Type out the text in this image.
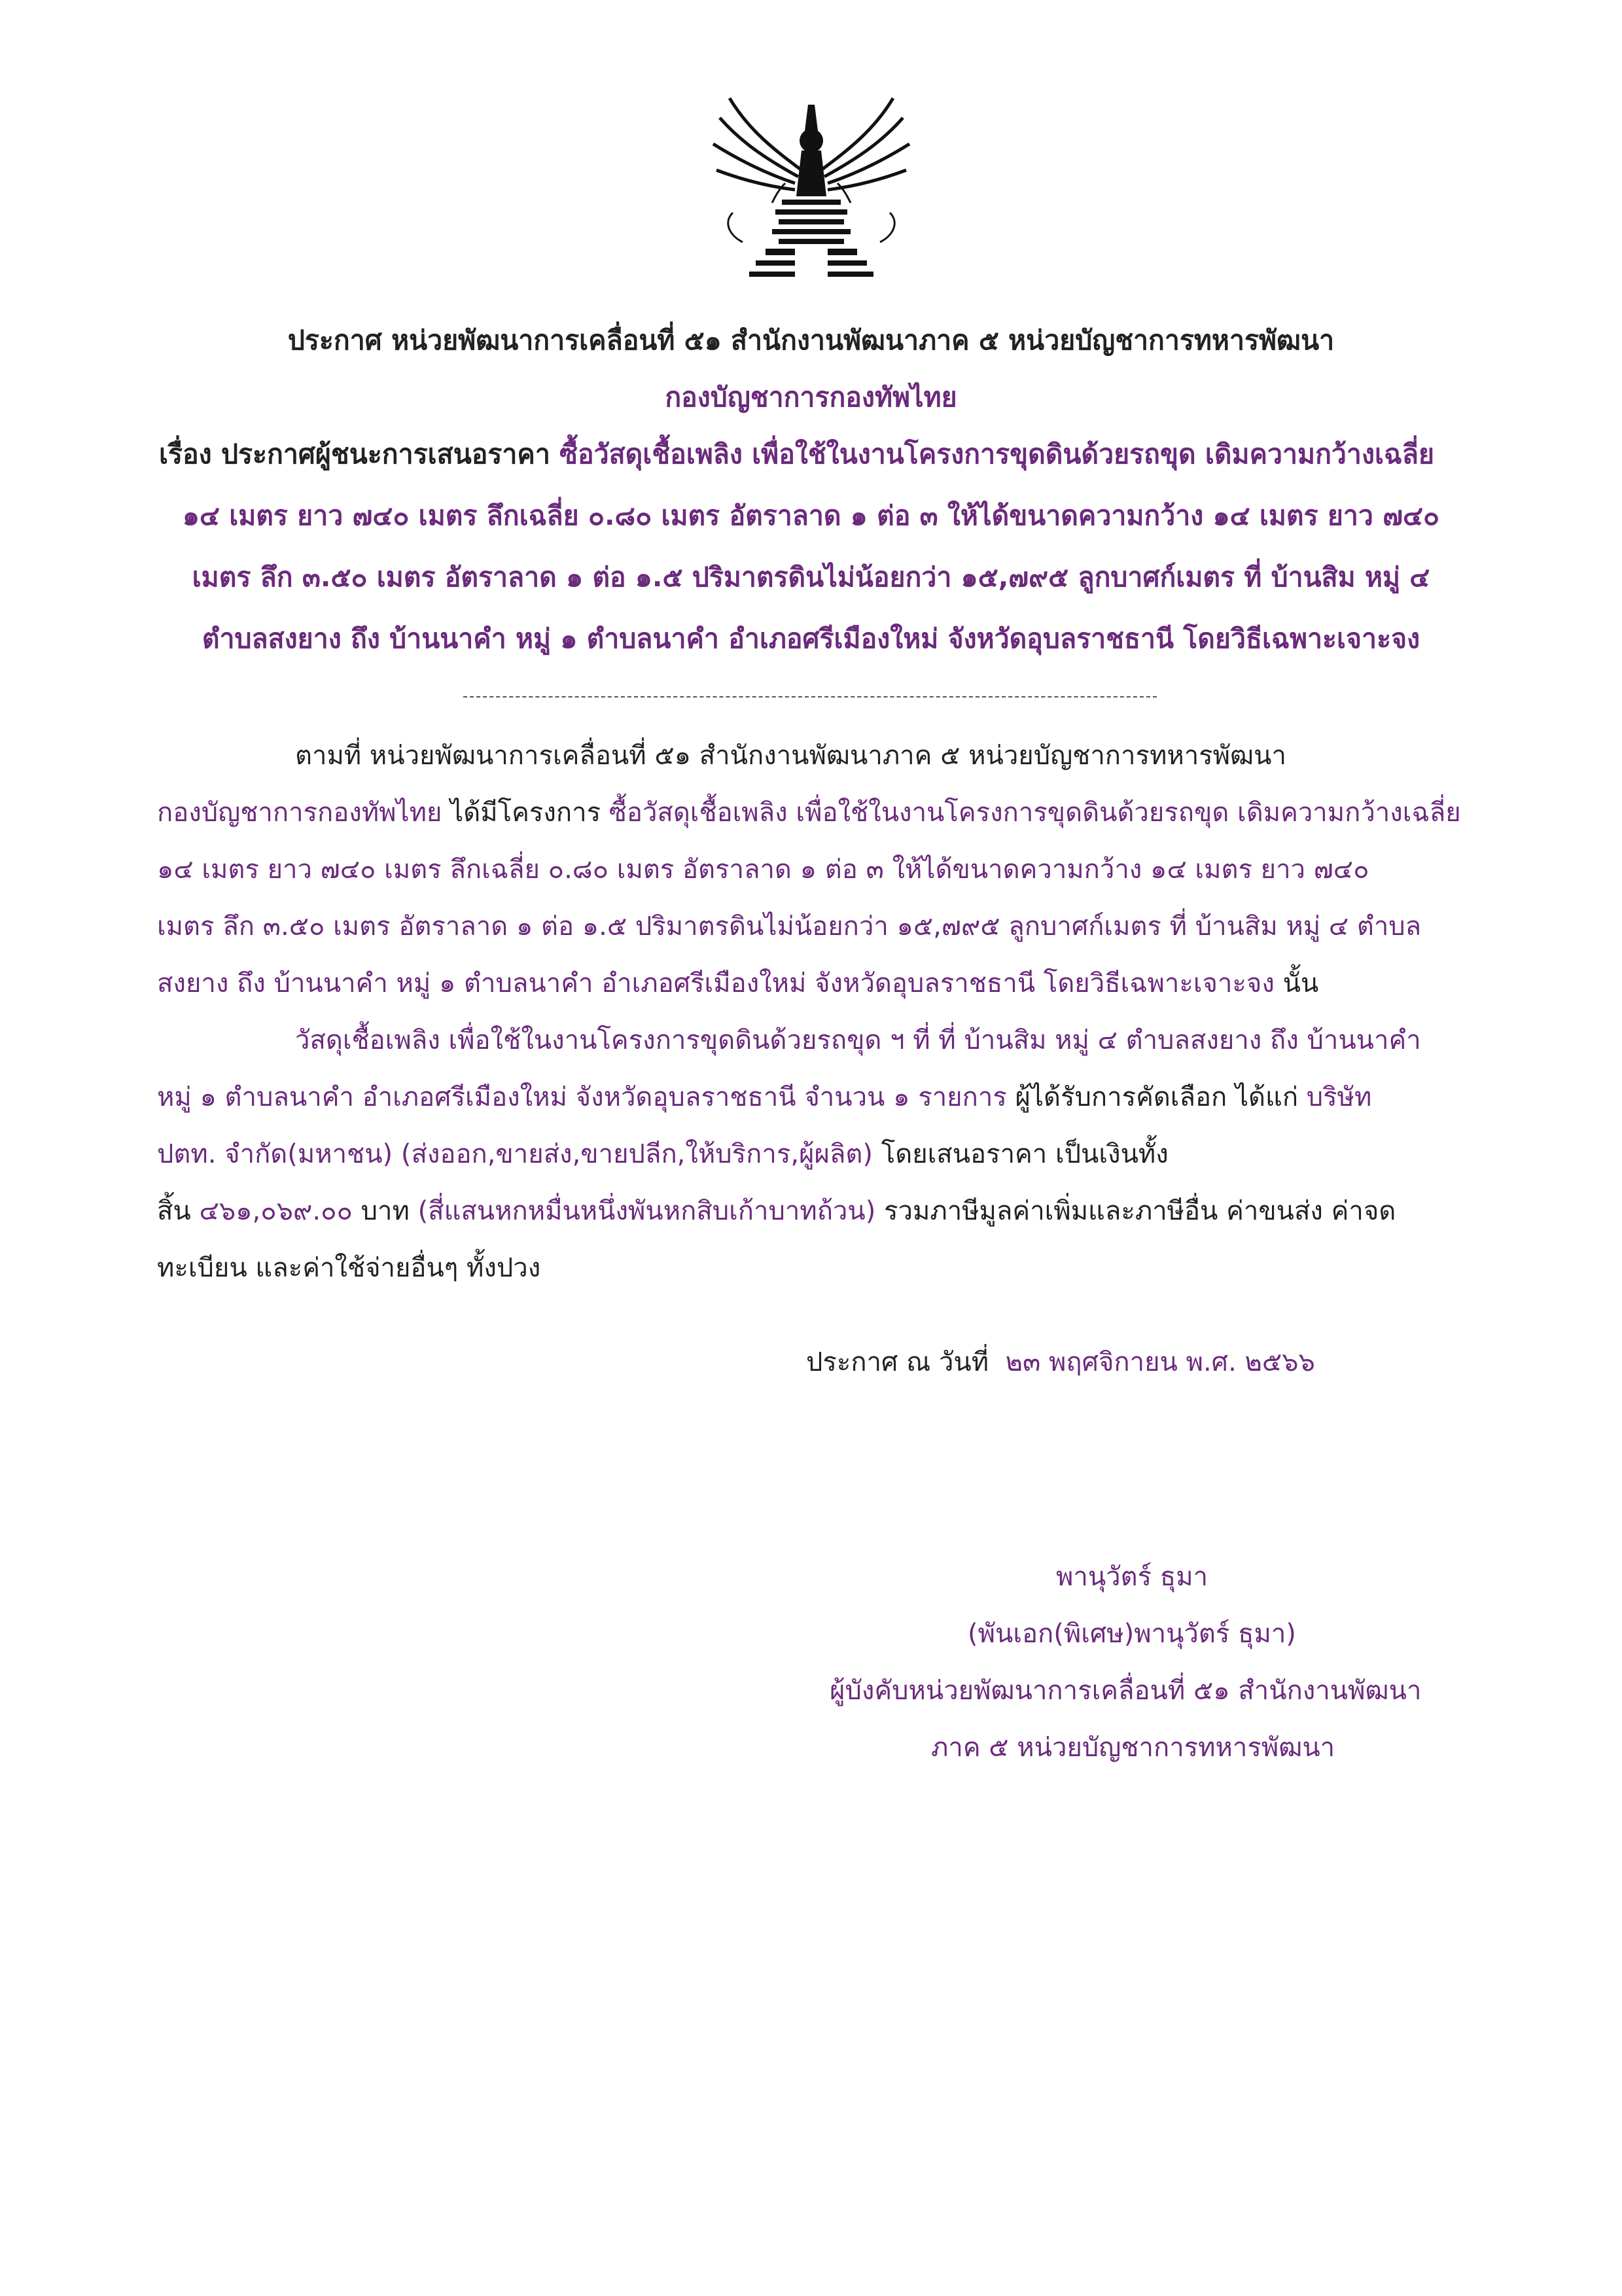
ประกาศ หน่วยพัฒนาการเคลื่อนที่ ๕๑ สำนักงานพัฒนาภาค ๕ หน่วยบัญชาการทหารพัฒนา
กองบัญชาการกองทัพไทย
เรื่อง ประกาศผู้ชนะการเสนอราคา ซื้อวัสดุเชื้อเพลิง เพื่อใช้ในงานโครงการขุดดินด้วยรถขุด เดิมความกว้างเฉลี่ย
๑๔ เมตร ยาว ๗๔๐ เมตร ลึกเฉลี่ย ๐.๘๐ เมตร อัตราลาด ๑ ต่อ ๓ ให้ได้ขนาดความกว้าง ๑๔ เมตร ยาว ๗๔๐
เมตร ลึก ๓.๕๐ เมตร อัตราลาด ๑ ต่อ ๑.๕ ปริมาตรดินไม่น้อยกว่า ๑๕,๗๙๕ ลูกบาศก์เมตร ที่ บ้านสิม หมู่ ๔
ตำบลสงยาง ถึง บ้านนาคำ หมู่ ๑ ตำบลนาคำ อำเภอศรีเมืองใหม่ จังหวัดอุบลราชธานี โดยวิธีเฉพาะเจาะจง
ตามที่ หน่วยพัฒนาการเคลื่อนที่ ๕๑ สำนักงานพัฒนาภาค ๕ หน่วยบัญชาการทหารพัฒนา
กองบัญชาการกองทัพไทย ได้มีโครงการ ซื้อวัสดุเชื้อเพลิง เพื่อใช้ในงานโครงการขุดดินด้วยรถขุด เดิมความกว้างเฉลี่ย
๑๔ เมตร ยาว ๗๔๐ เมตร ลึกเฉลี่ย ๐.๘๐ เมตร อัตราลาด ๑ ต่อ ๓ ให้ได้ขนาดความกว้าง ๑๔ เมตร ยาว ๗๔๐
เมตร ลึก ๓.๕๐ เมตร อัตราลาด ๑ ต่อ ๑.๕ ปริมาตรดินไม่น้อยกว่า ๑๕,๗๙๕ ลูกบาศก์เมตร ที่ บ้านสิม หมู่ ๔ ตำบล
สงยาง ถึง บ้านนาคำ หมู่ ๑ ตำบลนาคำ อำเภอศรีเมืองใหม่ จังหวัดอุบลราชธานี โดยวิธีเฉพาะเจาะจง นั้น
วัสดุเชื้อเพลิง เพื่อใช้ในงานโครงการขุดดินด้วยรถขุด ฯ ที่ ที่ บ้านสิม หมู่ ๔ ตำบลสงยาง ถึง บ้านนาคำ
หมู่ ๑ ตำบลนาคำ อำเภอศรีเมืองใหม่ จังหวัดอุบลราชธานี จำนวน ๑ รายการ ผู้ได้รับการคัดเลือก ได้แก่ บริษัท
ปตท. จำกัด(มหาชน) (ส่งออก,ขายส่ง,ขายปลีก,ให้บริการ,ผู้ผลิต) โดยเสนอราคา เป็นเงินทั้ง
สิ้น ๔๖๑,๐๖๙.๐๐ บาท (สี่แสนหกหมื่นหนึ่งพันหกสิบเก้าบาทถ้วน) รวมภาษีมูลค่าเพิ่มและภาษีอื่น ค่าขนส่ง ค่าจด
ทะเบียน และค่าใช้จ่ายอื่นๆ ทั้งปวง
ประกาศ ณ วันที่ ๒๓ พฤศจิกายน พ.ศ. ๒๕๖๖
พานุวัตร์ ธุมา
(พันเอก(พิเศษ)พานุวัตร์ ธุมา)
ผู้บังคับหน่วยพัฒนาการเคลื่อนที่ ๕๑ สำนักงานพัฒนา
ภาค ๕ หน่วยบัญชาการทหารพัฒนา
